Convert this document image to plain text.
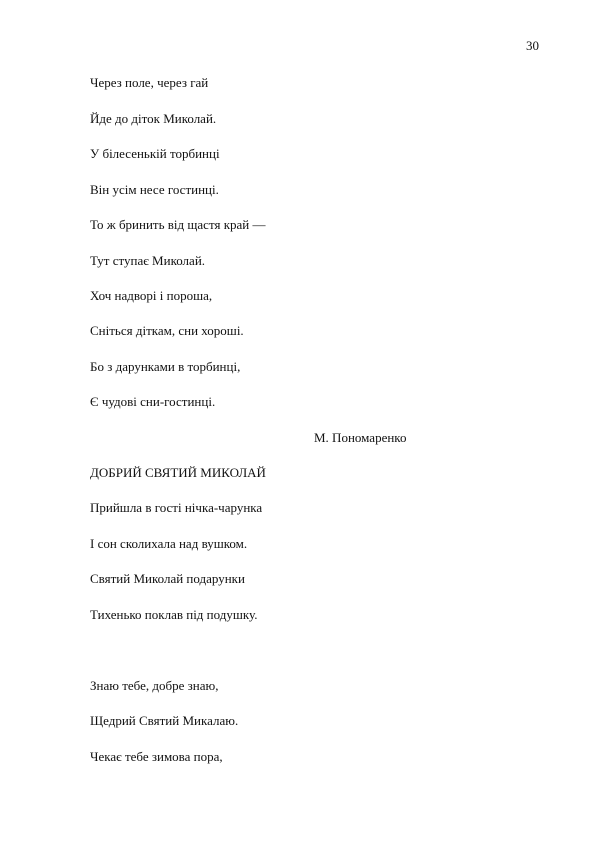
30
Через поле, через гай
Йде до діток Миколай.
У білесенькій торбинці
Він усім несе гостинці.
То ж бринить від щастя край —
Тут ступає Миколай.
Хоч надворі і пороша,
Сніться діткам, сни хороші.
Бо з дарунками в торбинці,
Є чудові сни-гостинці.
М. Пономаренко
ДОБРИЙ СВЯТИЙ МИКОЛАЙ
Прийшла в гості нічка-чарунка
І сон сколихала над вушком.
Святий Миколай подарунки
Тихенько поклав під подушку.
Знаю тебе, добре знаю,
Щедрий Святий Микалаю.
Чекає тебе зимова пора,
